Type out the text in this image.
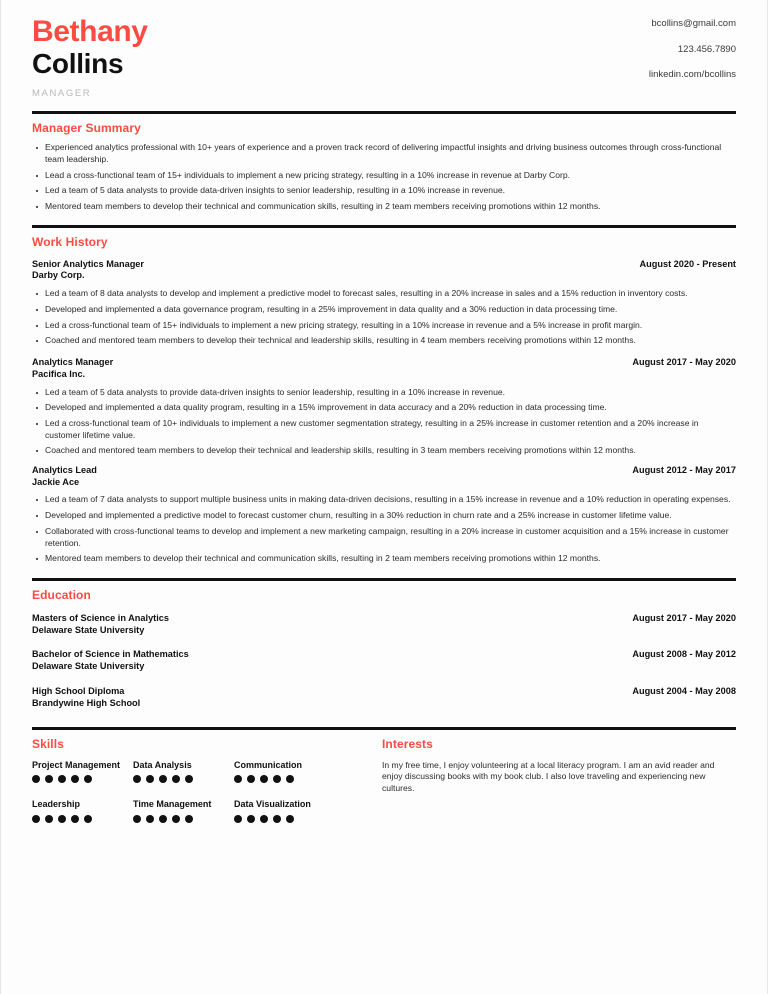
Bethany
Collins
MANAGER
bcollins@gmail.com
123.456.7890
linkedin.com/bcollins
Manager Summary
Experienced analytics professional with 10+ years of experience and a proven track record of delivering impactful insights and driving business outcomes through cross-functional team leadership.
Lead a cross-functional team of 15+ individuals to implement a new pricing strategy, resulting in a 10% increase in revenue at Darby Corp.
Led a team of 5 data analysts to provide data-driven insights to senior leadership, resulting in a 10% increase in revenue.
Mentored team members to develop their technical and communication skills, resulting in 2 team members receiving promotions within 12 months.
Work History
Senior Analytics Manager
Darby Corp.
August 2020 - Present
Led a team of 8 data analysts to develop and implement a predictive model to forecast sales, resulting in a 20% increase in sales and a 15% reduction in inventory costs.
Developed and implemented a data governance program, resulting in a 25% improvement in data quality and a 30% reduction in data processing time.
Led a cross-functional team of 15+ individuals to implement a new pricing strategy, resulting in a 10% increase in revenue and a 5% increase in profit margin.
Coached and mentored team members to develop their technical and leadership skills, resulting in 4 team members receiving promotions within 12 months.
Analytics Manager
Pacifica Inc.
August 2017 - May 2020
Led a team of 5 data analysts to provide data-driven insights to senior leadership, resulting in a 10% increase in revenue.
Developed and implemented a data quality program, resulting in a 15% improvement in data accuracy and a 20% reduction in data processing time.
Led a cross-functional team of 10+ individuals to implement a new customer segmentation strategy, resulting in a 25% increase in customer retention and a 20% increase in customer lifetime value.
Coached and mentored team members to develop their technical and leadership skills, resulting in 3 team members receiving promotions within 12 months.
Analytics Lead
Jackie Ace
August 2012 - May 2017
Led a team of 7 data analysts to support multiple business units in making data-driven decisions, resulting in a 15% increase in revenue and a 10% reduction in operating expenses.
Developed and implemented a predictive model to forecast customer churn, resulting in a 30% reduction in churn rate and a 25% increase in customer lifetime value.
Collaborated with cross-functional teams to develop and implement a new marketing campaign, resulting in a 20% increase in customer acquisition and a 15% increase in customer retention.
Mentored team members to develop their technical and communication skills, resulting in 2 team members receiving promotions within 12 months.
Education
Masters of Science in Analytics
Delaware State University
August 2017 - May 2020
Bachelor of Science in Mathematics
Delaware State University
August 2008 - May 2012
High School Diploma
Brandywine High School
August 2004 - May 2008
Skills
Project Management
Leadership
Data Analysis
Time Management
Communication
Data Visualization
Interests
In my free time, I enjoy volunteering at a local literacy program. I am an avid reader and enjoy discussing books with my book club. I also love traveling and experiencing new cultures.
